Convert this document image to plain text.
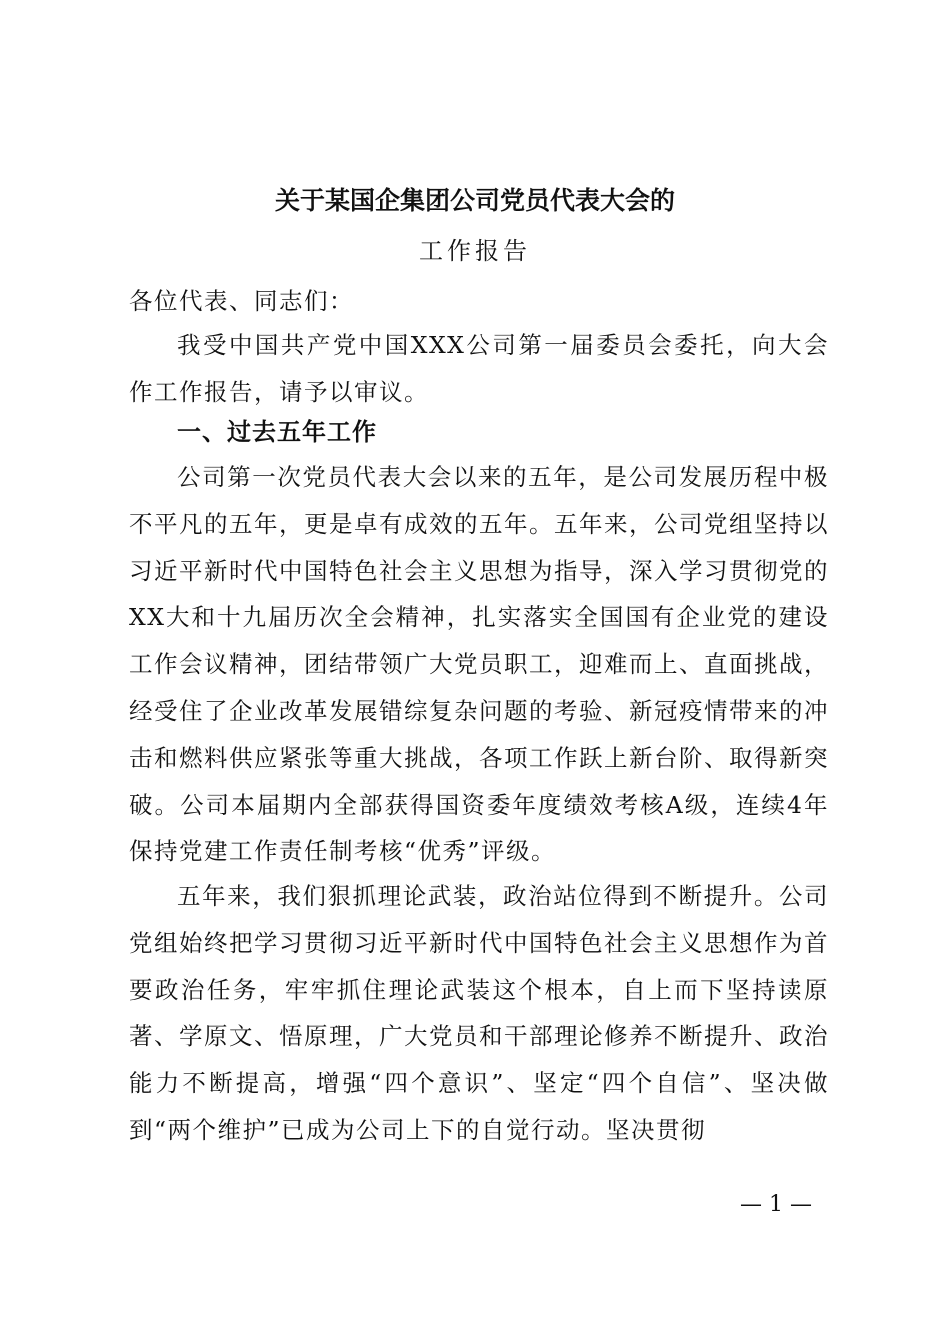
关于某国企集团公司党员代表大会的
工作报告
各位代表、同志们：
我受中国共产党中国XXX公司第一届委员会委托，向大会作工作报告，请予以审议。
一、过去五年工作
公司第一次党员代表大会以来的五年，是公司发展历程中极不平凡的五年，更是卓有成效的五年。五年来，公司党组坚持以习近平新时代中国特色社会主义思想为指导，深入学习贯彻党的XX大和十九届历次全会精神，扎实落实全国国有企业党的建设工作会议精神，团结带领广大党员职工，迎难而上、直面挑战，经受住了企业改革发展错综复杂问题的考验、新冠疫情带来的冲击和燃料供应紧张等重大挑战，各项工作跃上新台阶、取得新突破。公司本届期内全部获得国资委年度绩效考核A级，连续4年保持党建工作责任制考核“优秀”评级。
五年来，我们狠抓理论武装，政治站位得到不断提升。公司党组始终把学习贯彻习近平新时代中国特色社会主义思想作为首要政治任务，牢牢抓住理论武装这个根本，自上而下坚持读原著、学原文、悟原理，广大党员和干部理论修养不断提升、政治能力不断提高，增强“四个意识”、坚定“四个自信”、坚决做到“两个维护”已成为公司上下的自觉行动。坚决贯彻
— 1 —
